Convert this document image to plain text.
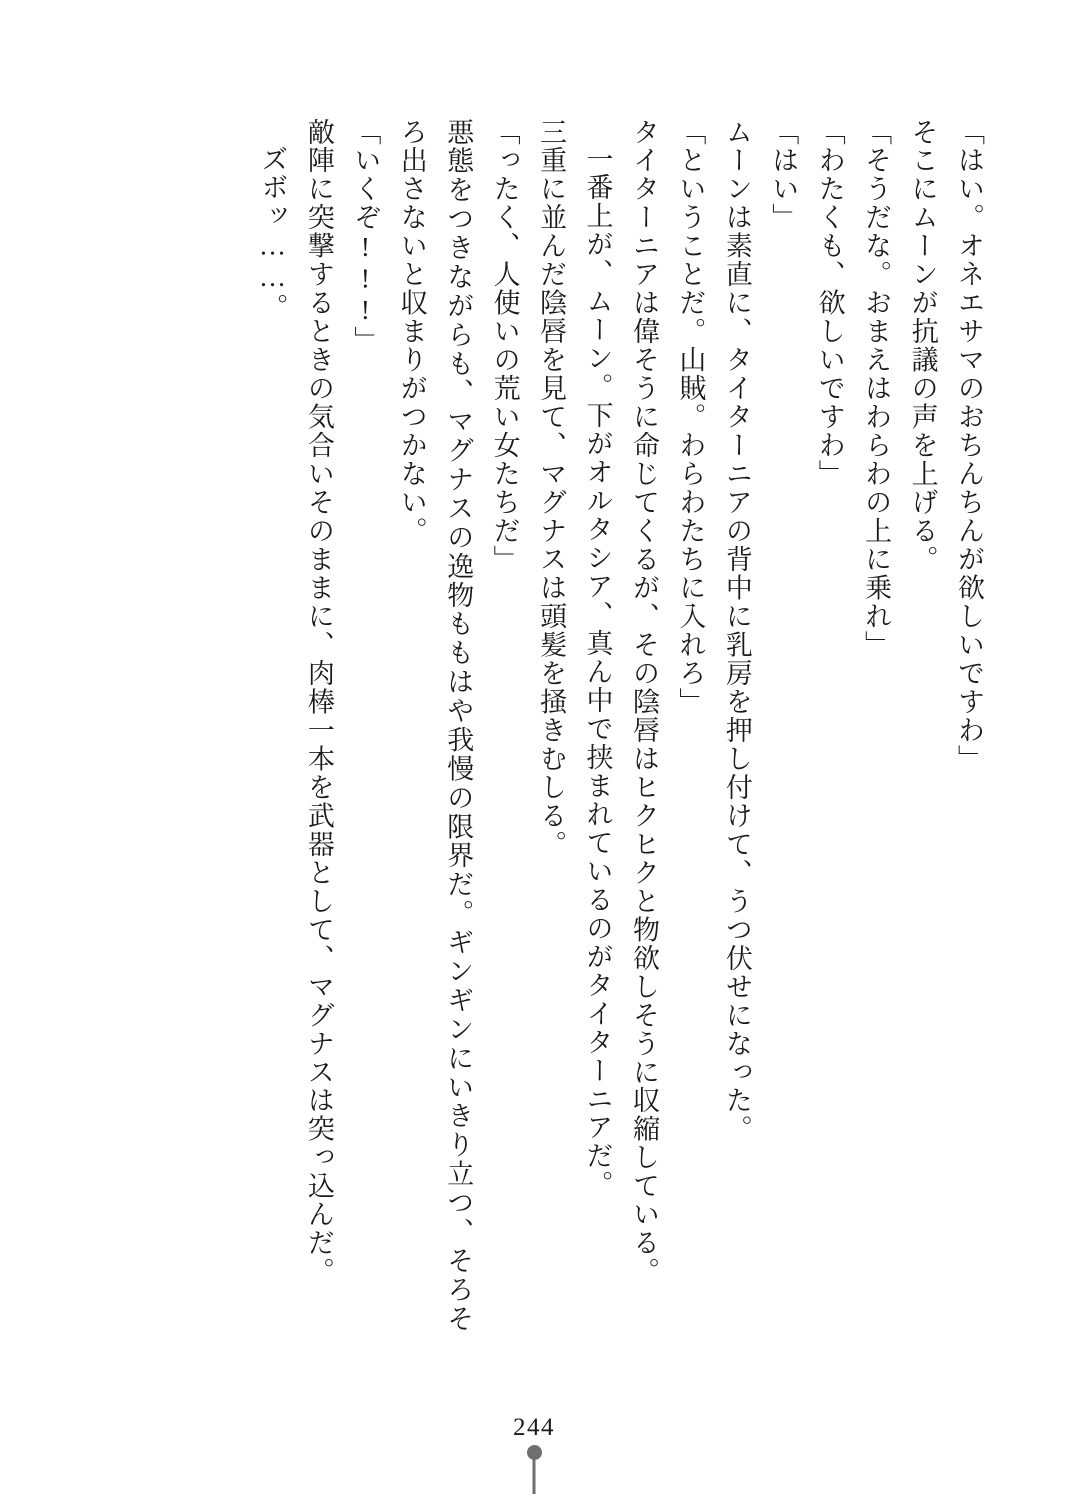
「はい。オネエサマのおちんちんが欲しいですわ」

そこにムーンが抗議の声を上げる。

「そうだな。おまえはわらわの上に乗れ」

「わたくも、欲しいですわ」

「はい」

ムーンは素直に、タイターニアの背中に乳房を押し付けて、うつ伏せになった。

「ということだ。山賊。わらわたちに入れろ」

タイターニアは偉そうに命じてくるが、その陰唇はヒクヒクと物欲しそうに収縮している。

一番上が、ムーン。下がオルタシア、真ん中で挟まれているのがタイターニアだ。

三重に並んだ陰唇を見て、マグナスは頭髪を掻きむしる。

「ったく、人使いの荒い女たちだ」

悪態をつきながらも、マグナスの逸物ももはや我慢の限界だ。ギンギンにいきり立つ、そろそろ出さないと収まりがつかない。

「いくぞ!!!」

敵陣に突撃するときの気合いそのままに、肉棒一本を武器として、マグナスは突っ込んだ。

ズボッ……。

244
